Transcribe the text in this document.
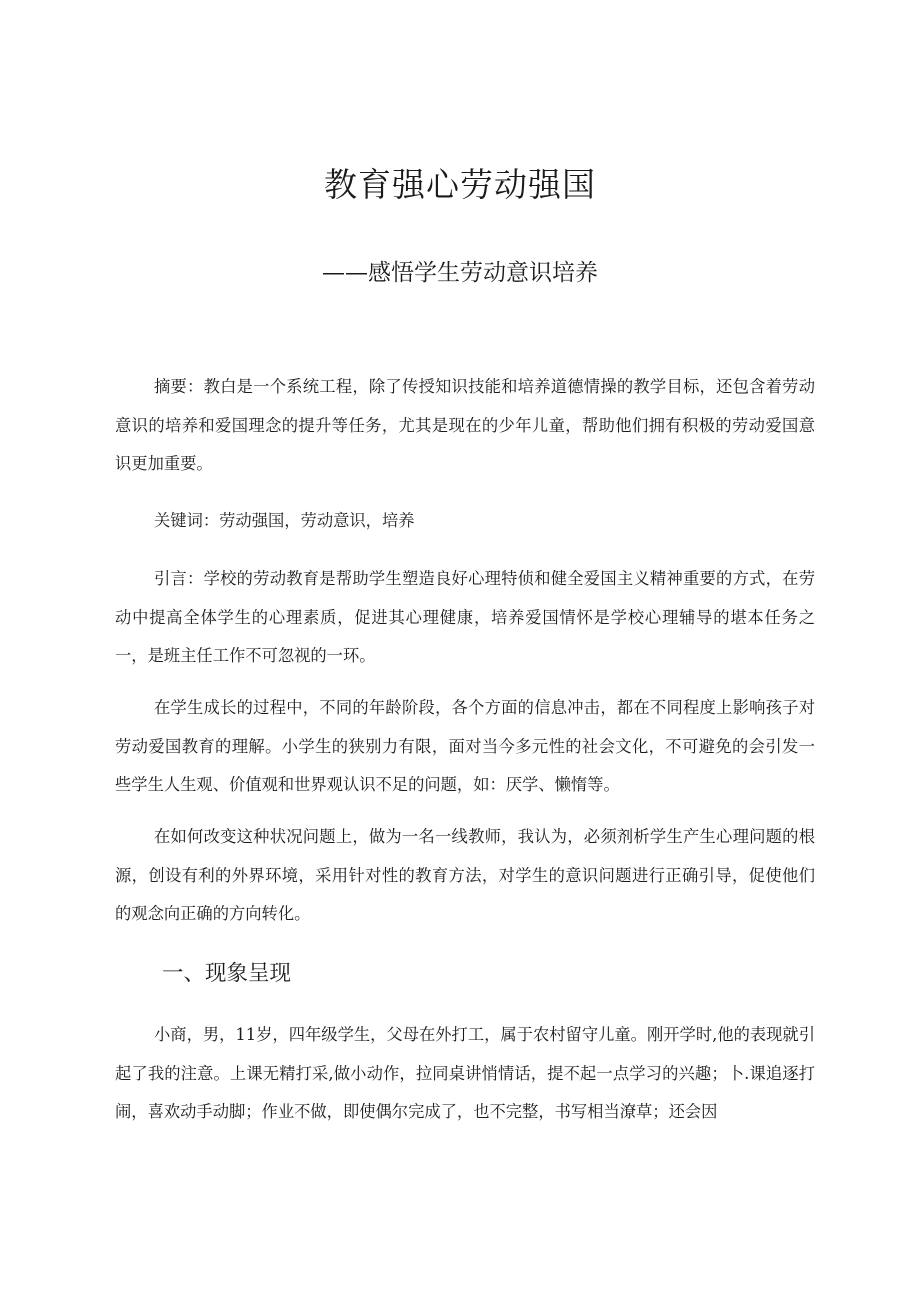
教育强心劳动强国
——感悟学生劳动意识培养

摘要：教白是一个系统工程，除了传授知识技能和培养道德情操的教学目标，还包含着劳动意识的培养和爱国理念的提升等任务，尤其是现在的少年儿童，帮助他们拥有积极的劳动爱国意识更加重要。

关键词：劳动强国，劳动意识，培养

引言：学校的劳动教育是帮助学生塑造良好心理特侦和健全爱国主义精神重要的方式，在劳动中提高全体学生的心理素质，促进其心理健康，培养爱国情怀是学校心理辅导的堪本任务之一，是班主任工作不可忽视的一环。

在学生成长的过程中，不同的年龄阶段，各个方面的信息冲击，都在不同程度上影响孩子对劳动爱国教育的理解。小学生的狭别力有限，面对当今多元性的社会文化，不可避免的会引发一些学生人生观、价值观和世界观认识不足的问题，如：厌学、懒惰等。

在如何改变这种状况问题上，做为一名一线教师，我认为，必须剂析学生产生心理问题的根源，创设有利的外界环境，采用针对性的教育方法，对学生的意识问题进行正确引导，促使他们的观念向正确的方向转化。

一、现象呈现

小商，男，11岁，四年级学生，父母在外打工，属于农村留守儿童。刚开学时,他的表现就引起了我的注意。上课无精打采,做小动作，拉同桌讲悄情话，提不起一点学习的兴趣；卜.课追逐打闹，喜欢动手动脚；作业不做，即使偶尔完成了，也不完整，书写相当潦草；还会因
